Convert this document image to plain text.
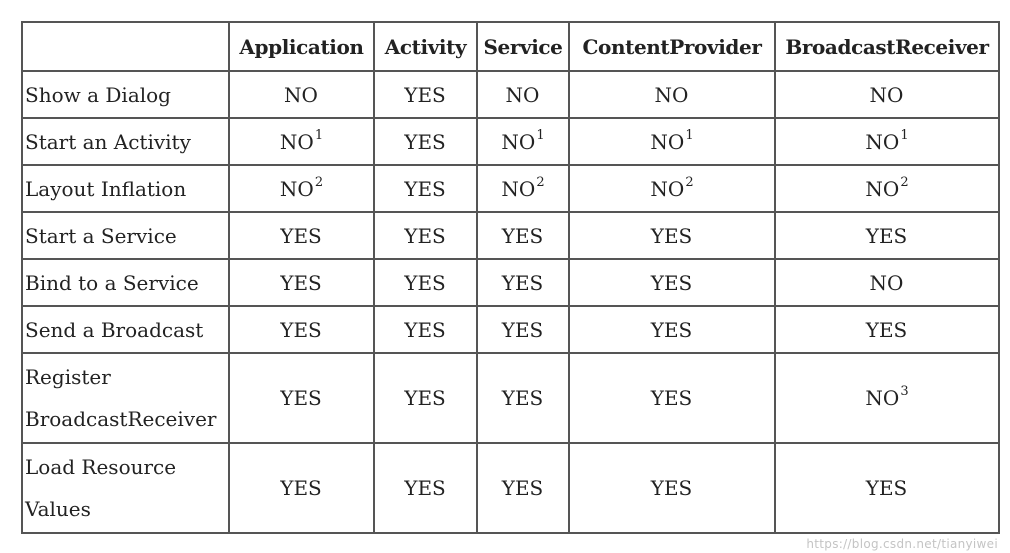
	Application	Activity	Service	ContentProvider	BroadcastReceiver
Show a Dialog	NO	YES	NO	NO	NO
Start an Activity	$NO^1$	YES	$NO^1$	$NO^1$	$NO^1$
Layout Inflation	$NO^2$	YES	$NO^2$	$NO^2$	$NO^2$
Start a Service	YES	YES	YES	YES	YES
Bind to a Service	YES	YES	YES	YES	NO
Send a Broadcast	YES	YES	YES	YES	YES
Register BroadcastReceiver	YES	YES	YES	YES	$NO^3$
Load Resource Values	YES	YES	YES	YES	YES
https://blog.csdn.net/tianyiwei
